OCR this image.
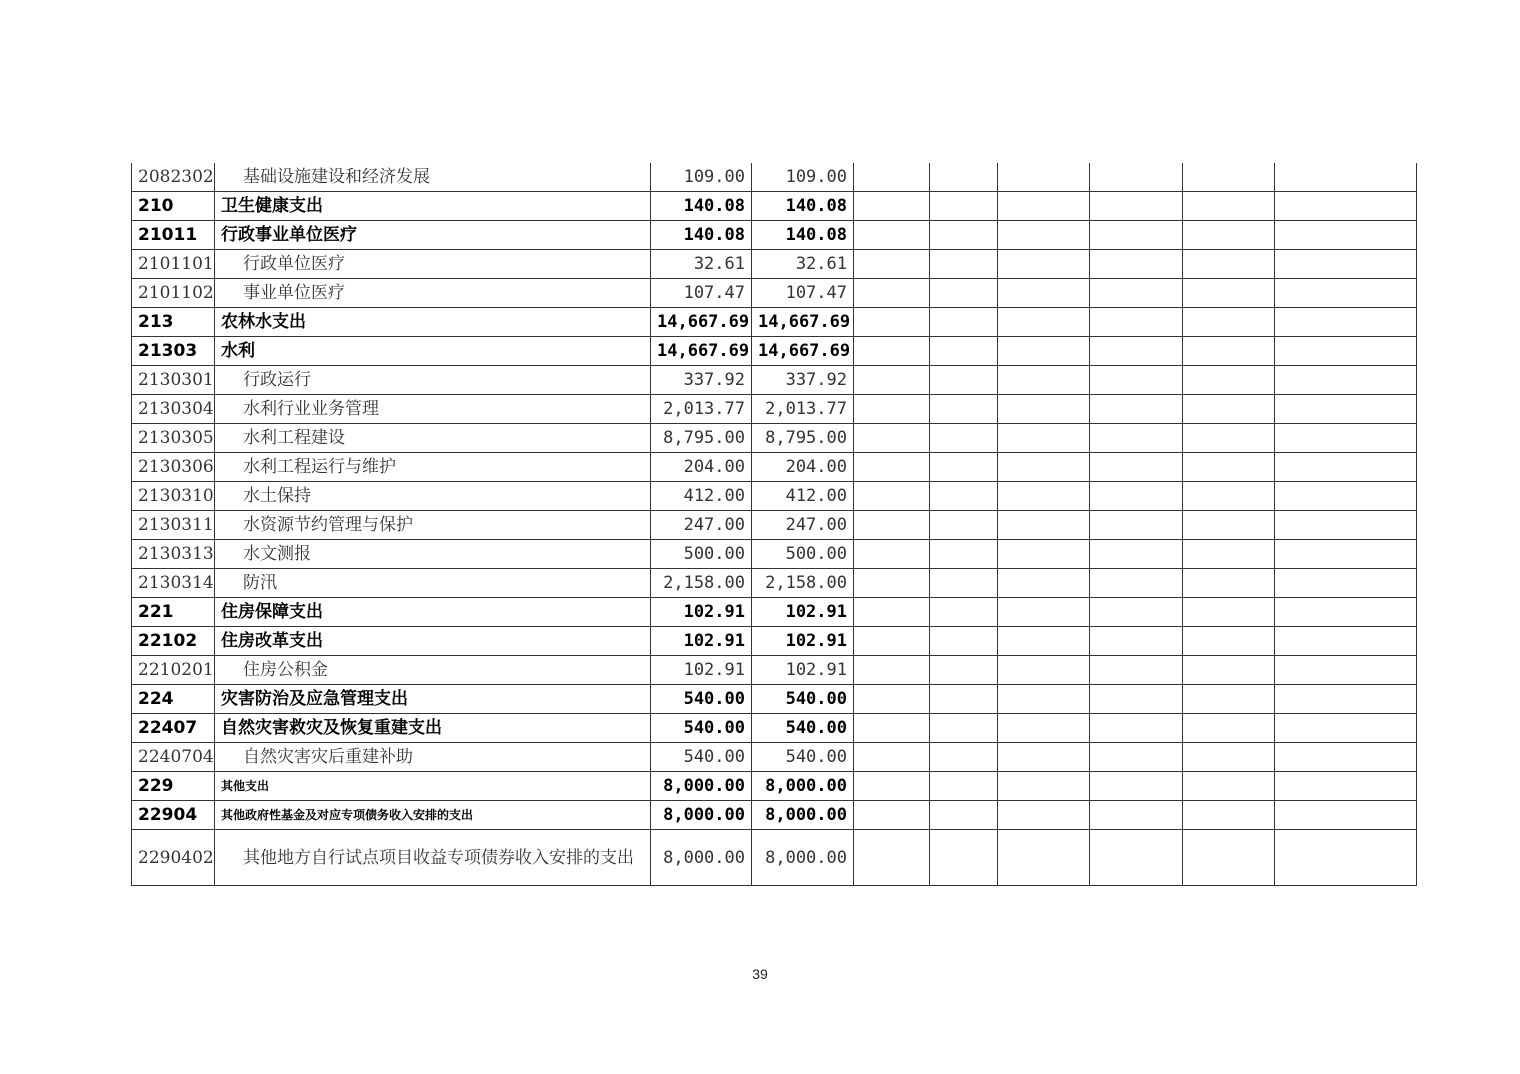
2082302	基础设施建设和经济发展	109.00	109.00						
210	卫生健康支出	140.08	140.08						
21011	行政事业单位医疗	140.08	140.08						
2101101	行政单位医疗	32.61	32.61						
2101102	事业单位医疗	107.47	107.47						
213	农林水支出	14,667.69	14,667.69						
21303	水利	14,667.69	14,667.69						
2130301	行政运行	337.92	337.92						
2130304	水利行业业务管理	2,013.77	2,013.77						
2130305	水利工程建设	8,795.00	8,795.00						
2130306	水利工程运行与维护	204.00	204.00						
2130310	水土保持	412.00	412.00						
2130311	水资源节约管理与保护	247.00	247.00						
2130313	水文测报	500.00	500.00						
2130314	防汛	2,158.00	2,158.00						
221	住房保障支出	102.91	102.91						
22102	住房改革支出	102.91	102.91						
2210201	住房公积金	102.91	102.91						
224	灾害防治及应急管理支出	540.00	540.00						
22407	自然灾害救灾及恢复重建支出	540.00	540.00						
2240704	自然灾害灾后重建补助	540.00	540.00						
229	其他支出	8,000.00	8,000.00						
22904	其他政府性基金及对应专项债务收入安排的支出	8,000.00	8,000.00						
2290402	其他地方自行试点项目收益专项债券收入安排的支出	8,000.00	8,000.00						
39
